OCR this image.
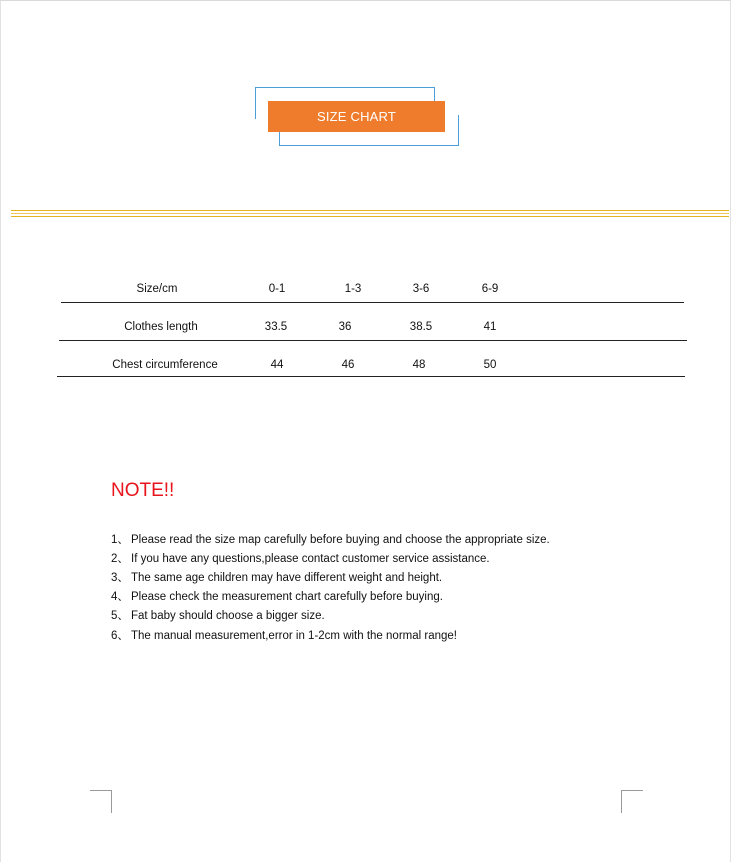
SIZE CHART
Size/cm	0-1	1-3	3-6	6-9
Clothes length	33.5	36	38.5	41
Chest circumference	44	46	48	50
NOTE!!
1、 Please read the size map carefully before buying and choose the appropriate size.
2、 If you have any questions,please contact customer service assistance.
3、 The same age children may have different weight and height.
4、 Please check the measurement chart carefully before buying.
5、 Fat baby should choose a bigger size.
6、 The manual measurement,error in 1-2cm with the normal range!
